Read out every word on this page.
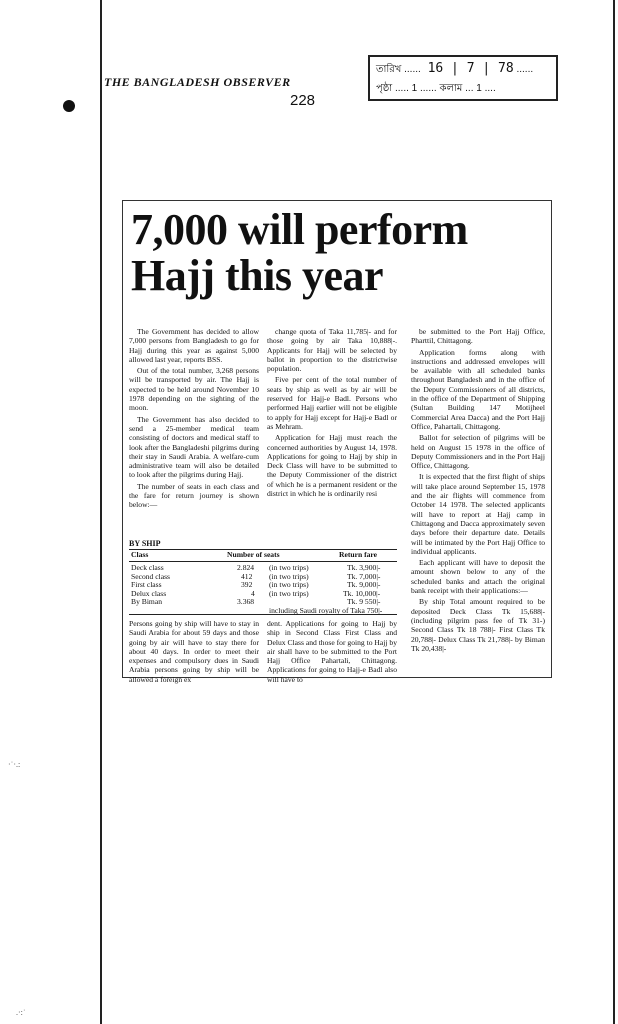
THE BANGLADESH OBSERVER
228
তারিখ ...... 16 | 7 | 78 ......
পৃষ্ঠা ..... 1 ...... কলাম ... 1 ....
7,000 will perform
Hajj this year

The Government has decided to allow 7,000 persons from Bangladesh to go for Hajj during this year as against 5,000 allowed last year, reports BSS.

Out of the total number, 3,268 persons will be transported by air. The Hajj is expected to be held around November 10 1978 depending on the sighting of the moon.

The Government has also decided to send a 25-member medical team consisting of doctors and medical staff to look after the Bangladeshi pilgrims during their stay in Saudi Arabia. A welfare-cum administrative team will also be detailed to look after the pilgrims during Hajj.

The number of seats in each class and the fare for return journey is shown below:—

change quota of Taka 11,785|- and for those going by air Taka 10,888|-. Applicants for Hajj will be selected by ballot in proportion to the districtwise population.

Five per cent of the total number of seats by ship as well as by air will be reserved for Hajj-e Badl. Persons who performed Hajj earlier will not be eligible to apply for Hajj except for Hajj-e Badl or as Mehram.

Application for Hajj must reach the concerned authorities by August 14, 1978. Applications for going to Hajj by ship in Deck Class will have to be submitted to the Deputy Commissioner of the district of which he is a permanent resident or the district in which he is ordinarily resi

be submitted to the Port Hajj Office, Pharttil, Chittagong.

Application forms along with instructions and addressed envelopes will be available with all scheduled banks throughout Bangladesh and in the office of the Deputy Commissioners of all districts, in the office of the Department of Shipping (Sultan Building 147 Motijheel Commercial Area Dacca) and the Port Hajj Office, Pahartali, Chittagong.

Ballot for selection of pilgrims will be held on August 15 1978 in the office of Deputy Commissioners and in the Port Hajj Office, Chittagong.

It is expected that the first flight of ships will take place around September 15, 1978 and the air flights will commence from October 14 1978. The selected applicants will have to report at Hajj camp in Chittagong and Dacca approximately seven days before their departure date. Details will be intimated by the Port Hajj Office to individual applicants.

Each applicant will have to deposit the amount shown below to any of the scheduled banks and attach the original bank receipt with their applications:—

By ship Total amount required to be deposited Deck Class Tk 15,688|- (including pilgrim pass fee of Tk 31-) Second Class Tk 18 788|- First Class Tk 20,788|- Delux Class Tk 21,788|- by Biman Tk 20,438|-

BY SHIP
Class	Number of seats	Return fare
Deck class	2.824 (in two trips)	Tk. 3,900|-
Second class	412 (in two trips)	Tk. 7,000|-
First class	392 (in two trips)	Tk. 9,000|-
Delux class	4 (in two trips)	Tk. 10,000|-
By Biman	3.368	Tk. 9 550|-
including Saudi royalty of Taka 750|-
Persons going by ship will have to stay in Saudi Arabia for about 59 days and those going by air will have to stay there for about 40 days. In order to meet their expenses and compulsory dues in Saudi Arabia persons going by ship will be allowed a foreign ex
dent. Applications for going to Hajj by ship in Second Class First Class and Delux Class and those for going to Hajj by air shall have to be submitted to the Port Hajj Office Pahartali, Chittagong. Applications for going to Hajj-e Badl also will have to
·˙·.:
.·:˙
